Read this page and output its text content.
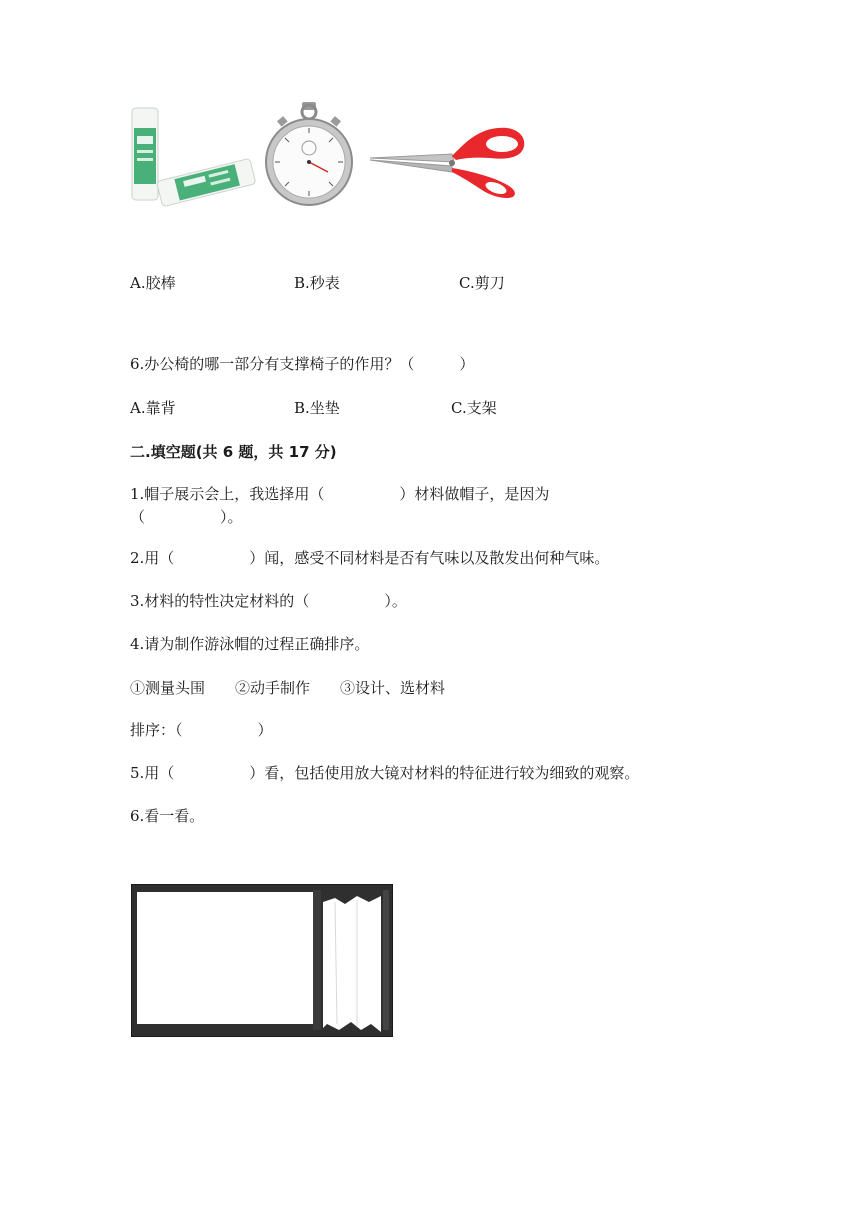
A.胶棒	B.秒表	C.剪刀
6.办公椅的哪一部分有支撑椅子的作用？（　　　）
A.靠背	B.坐垫	C.支架
二.填空题(共 6 题，共 17 分)
1.帽子展示会上，我选择用（　　　　　）材料做帽子，是因为
（　　　　　）。
2.用（　　　　　）闻，感受不同材料是否有气味以及散发出何种气味。
3.材料的特性决定材料的（　　　　　）。
4.请为制作游泳帽的过程正确排序。
①测量头围　　②动手制作　　③设计、选材料
排序：（　　　　　）
5.用（　　　　　）看，包括使用放大镜对材料的特征进行较为细致的观察。
6.看一看。
